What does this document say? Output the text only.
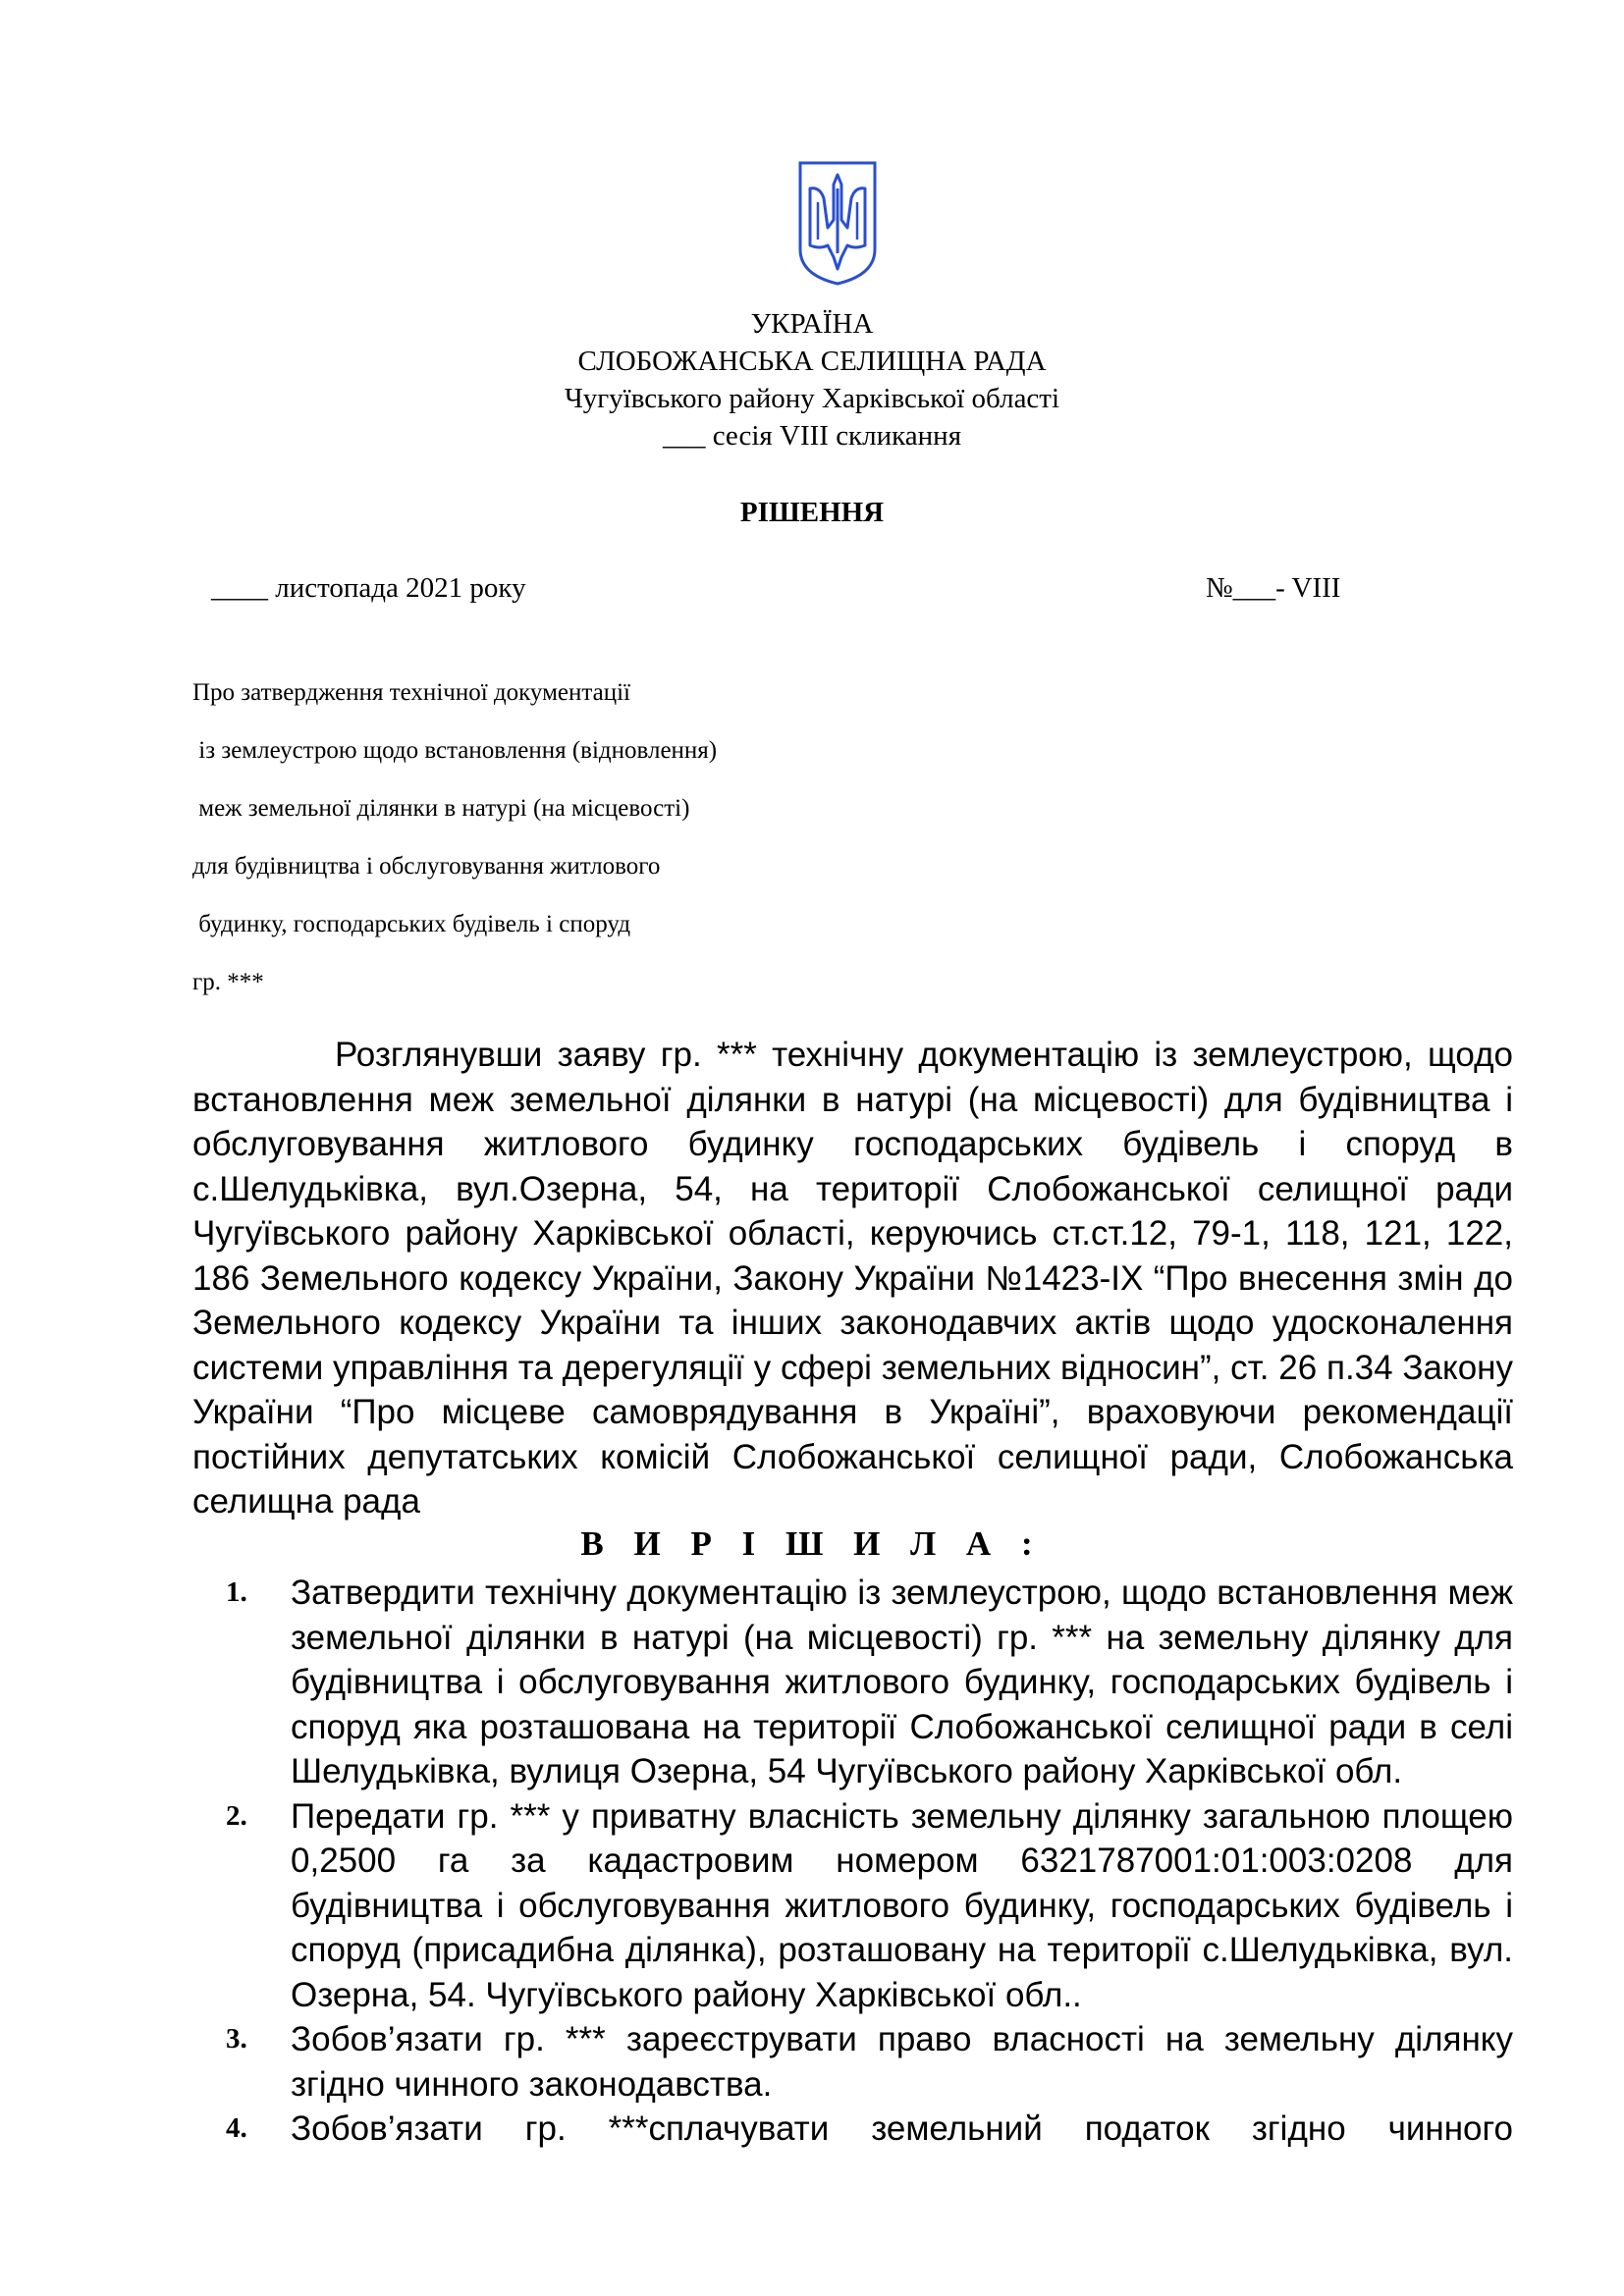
УКРАЇНА
СЛОБОЖАНСЬКА СЕЛИЩНА РАДА
Чугуївського району Харківської області
___ сесія VIII скликання
РІШЕННЯ
____ листопада 2021 року	№___- VIII
Про затвердження технічної документації
із землеустрою щодо встановлення (відновлення)
меж земельної ділянки в натурі (на місцевості)
для будівництва і обслуговування житлового
будинку, господарських будівель і споруд
гр. ***
Розглянувши заяву гр. *** технічну документацію із землеустрою, щодо встановлення меж земельної ділянки в натурі (на місцевості) для будівництва і обслуговування житлового будинку господарських будівель і споруд в с.Шелудьківка, вул.Озерна, 54, на території Слобожанської селищної ради Чугуївського району Харківської області, керуючись ст.ст.12, 79-1, 118, 121, 122, 186 Земельного кодексу України, Закону України №1423-ІХ “Про внесення змін до Земельного кодексу України та інших законодавчих актів щодо удосконалення системи управління та дерегуляції у сфері земельних відносин”, ст. 26 п.34 Закону України “Про місцеве самоврядування в Україні”, враховуючи рекомендації постійних депутатських комісій Слобожанської селищної ради, Слобожанська селищна рада
В И Р І Ш И Л А :
1.	Затвердити технічну документацію із землеустрою, щодо встановлення меж земельної ділянки в натурі (на місцевості) гр. *** на земельну ділянку для будівництва і обслуговування житлового будинку, господарських будівель і споруд яка розташована на території Слобожанської селищної ради в селі Шелудьківка, вулиця Озерна, 54 Чугуївського району Харківської обл.
2.	Передати гр. *** у приватну власність земельну ділянку загальною площею 0,2500 га за кадастровим номером 6321787001:01:003:0208 для будівництва і обслуговування житлового будинку, господарських будівель і споруд (присадибна ділянка), розташовану на території с.Шелудьківка, вул. Озерна, 54. Чугуївського району Харківської обл..
3.	Зобов’язати гр. *** зареєструвати право власності на земельну ділянку згідно чинного законодавства.
4.	Зобов’язати гр. ***сплачувати земельний податок згідно чинного
